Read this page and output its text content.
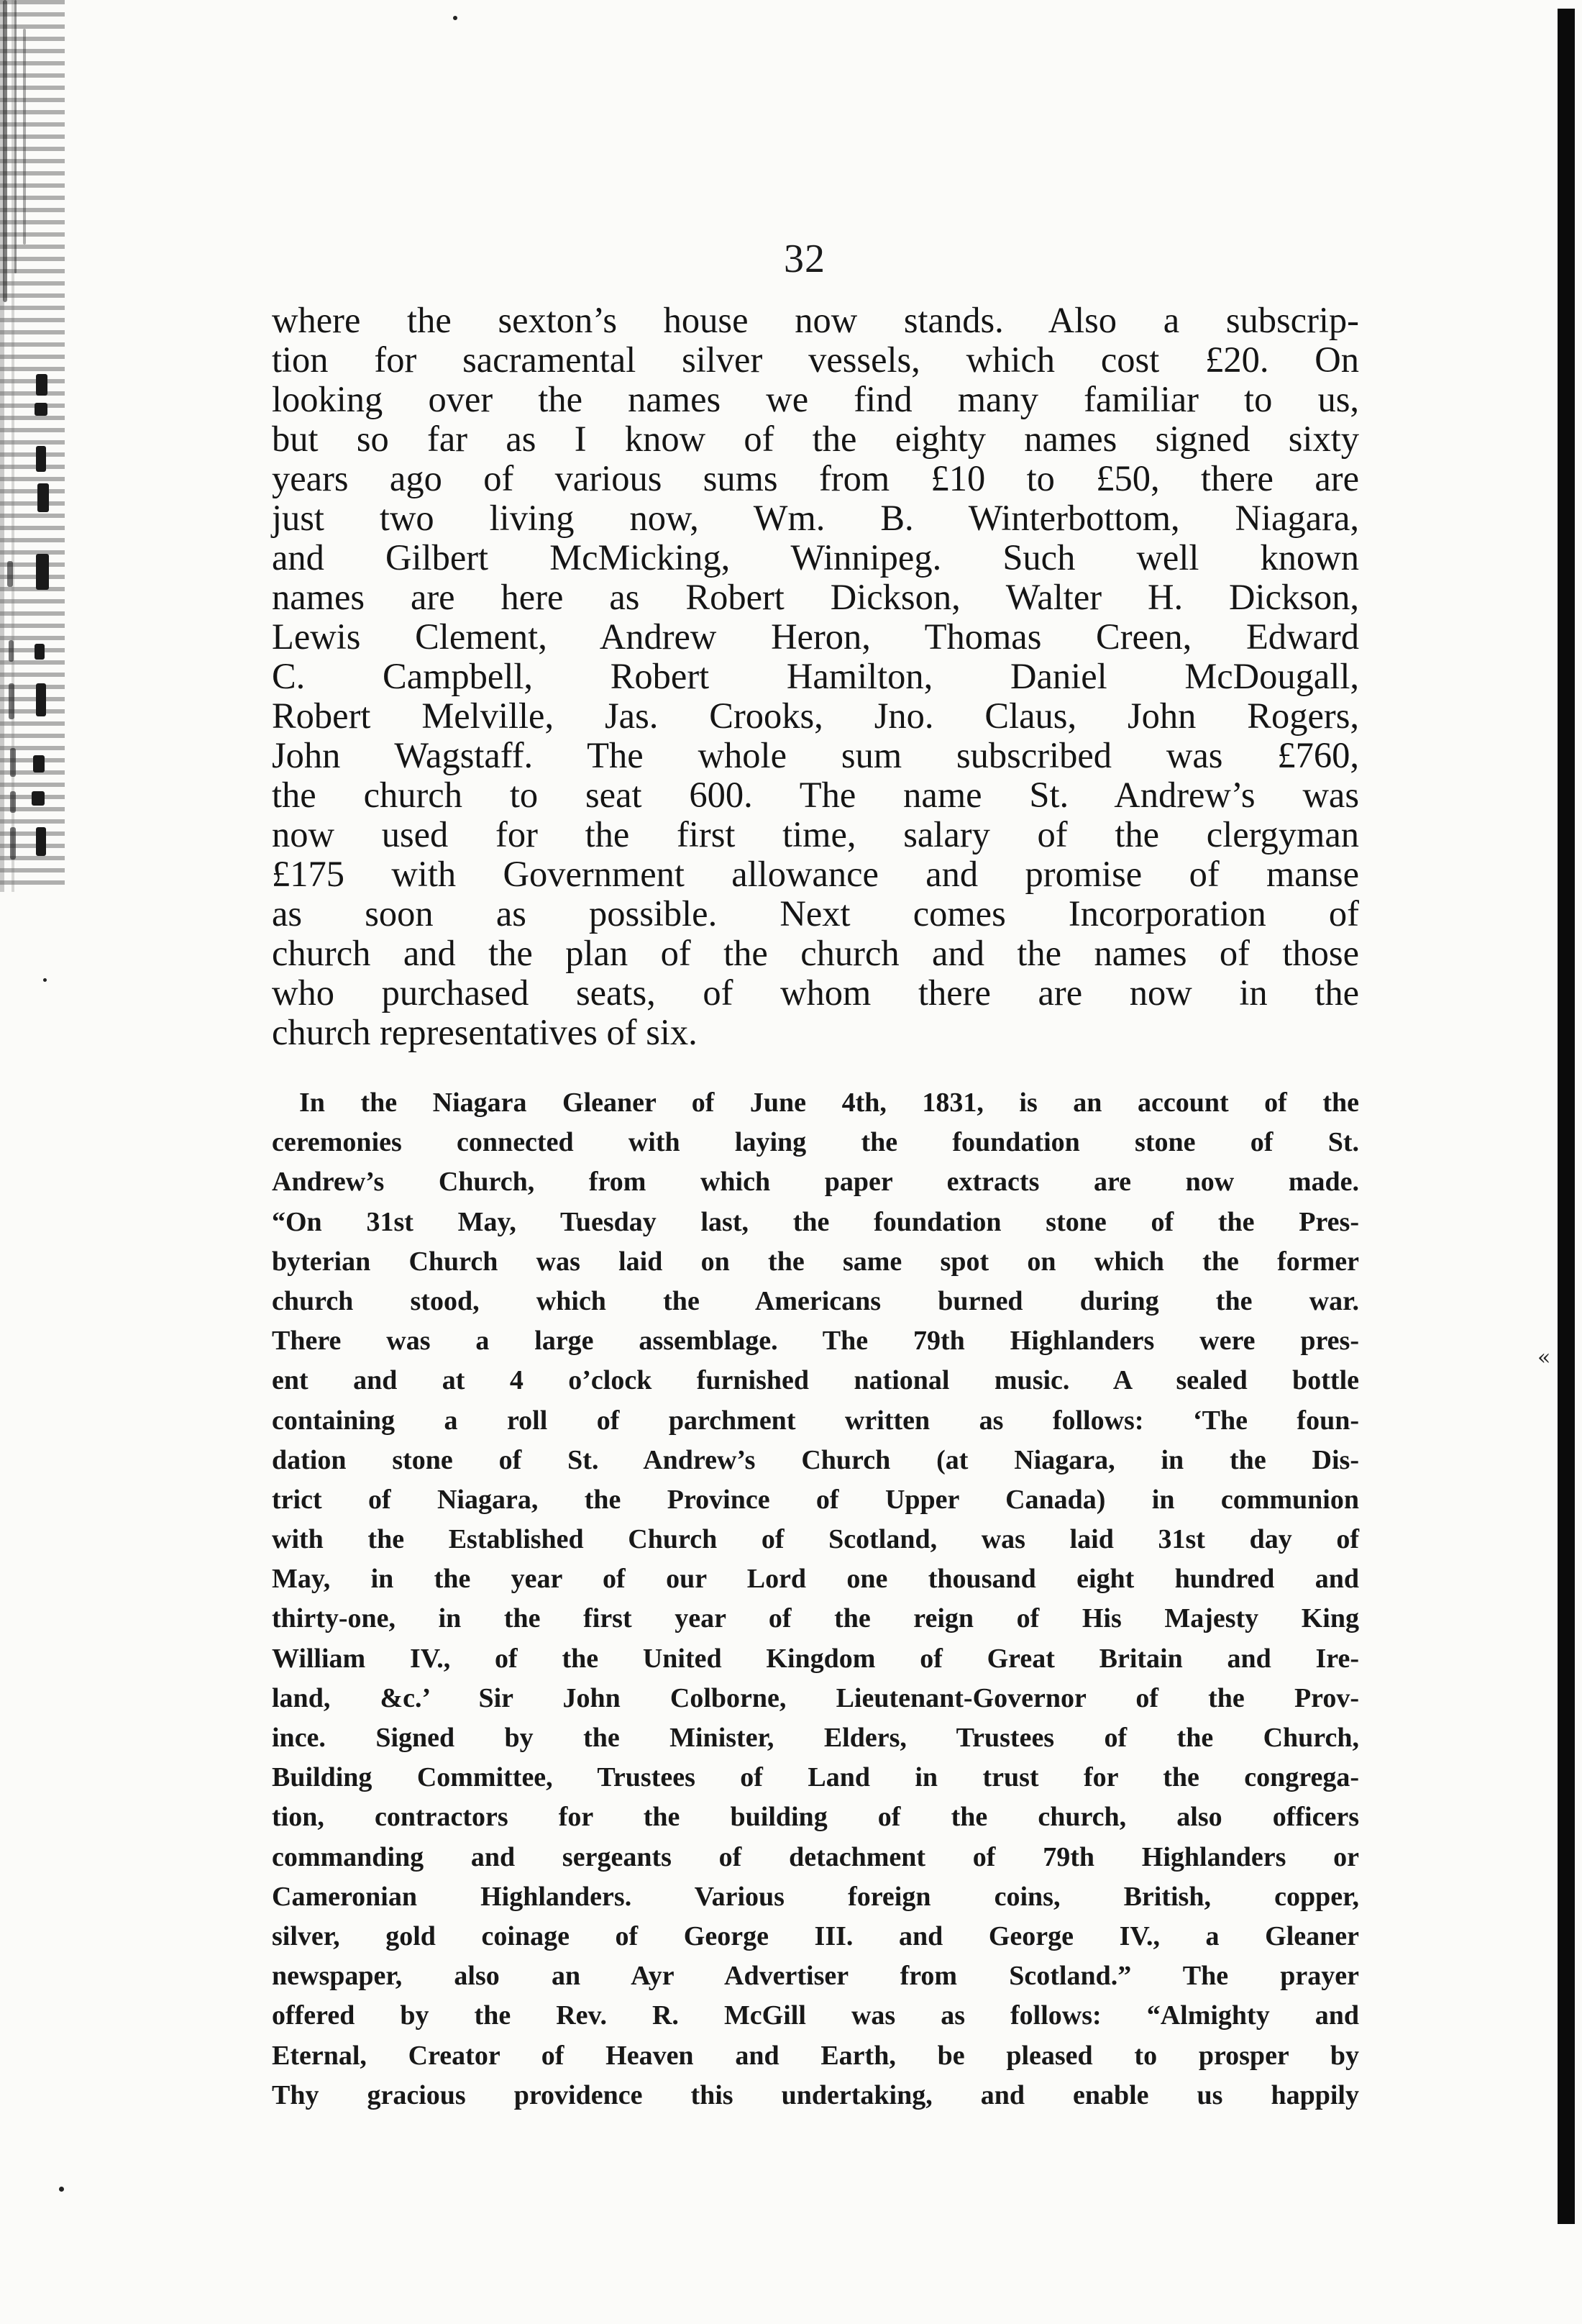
«
32
where the sexton’s house now stands. Also a subscrip-
tion for sacramental silver vessels, which cost £20. On
looking over the names we find many familiar to us,
but so far as I know of the eighty names signed sixty
years ago of various sums from £10 to £50, there are
just two living now, Wm. B. Winterbottom, Niagara,
and Gilbert McMicking, Winnipeg. Such well known
names are here as Robert Dickson, Walter H. Dickson,
Lewis Clement, Andrew Heron, Thomas Creen, Edward
C. Campbell, Robert Hamilton, Daniel McDougall,
Robert Melville, Jas. Crooks, Jno. Claus, John Rogers,
John Wagstaff. The whole sum subscribed was £760,
the church to seat 600. The name St. Andrew’s was
now used for the first time, salary of the clergyman
£175 with Government allowance and promise of manse
as soon as possible. Next comes Incorporation of
church and the plan of the church and the names of those
who purchased seats, of whom there are now in the
church representatives of six.
In the Niagara Gleaner of June 4th, 1831, is an account of the
ceremonies connected with laying the foundation stone of St.
Andrew’s Church, from which paper extracts are now made.
“On 31st May, Tuesday last, the foundation stone of the Pres-
byterian Church was laid on the same spot on which the former
church stood, which the Americans burned during the war.
There was a large assemblage. The 79th Highlanders were pres-
ent and at 4 o’clock furnished national music. A sealed bottle
containing a roll of parchment written as follows: ‘The foun-
dation stone of St. Andrew’s Church (at Niagara, in the Dis-
trict of Niagara, the Province of Upper Canada) in communion
with the Established Church of Scotland, was laid 31st day of
May, in the year of our Lord one thousand eight hundred and
thirty-one, in the first year of the reign of His Majesty King
William IV., of the United Kingdom of Great Britain and Ire-
land, &c.’ Sir John Colborne, Lieutenant-Governor of the Prov-
ince. Signed by the Minister, Elders, Trustees of the Church,
Building Committee, Trustees of Land in trust for the congrega-
tion, contractors for the building of the church, also officers
commanding and sergeants of detachment of 79th Highlanders or
Cameronian Highlanders. Various foreign coins, British, copper,
silver, gold coinage of George III. and George IV., a Gleaner
newspaper, also an Ayr Advertiser from Scotland.” The prayer
offered by the Rev. R. McGill was as follows: “Almighty and
Eternal, Creator of Heaven and Earth, be pleased to prosper by
Thy gracious providence this undertaking, and enable us happily
